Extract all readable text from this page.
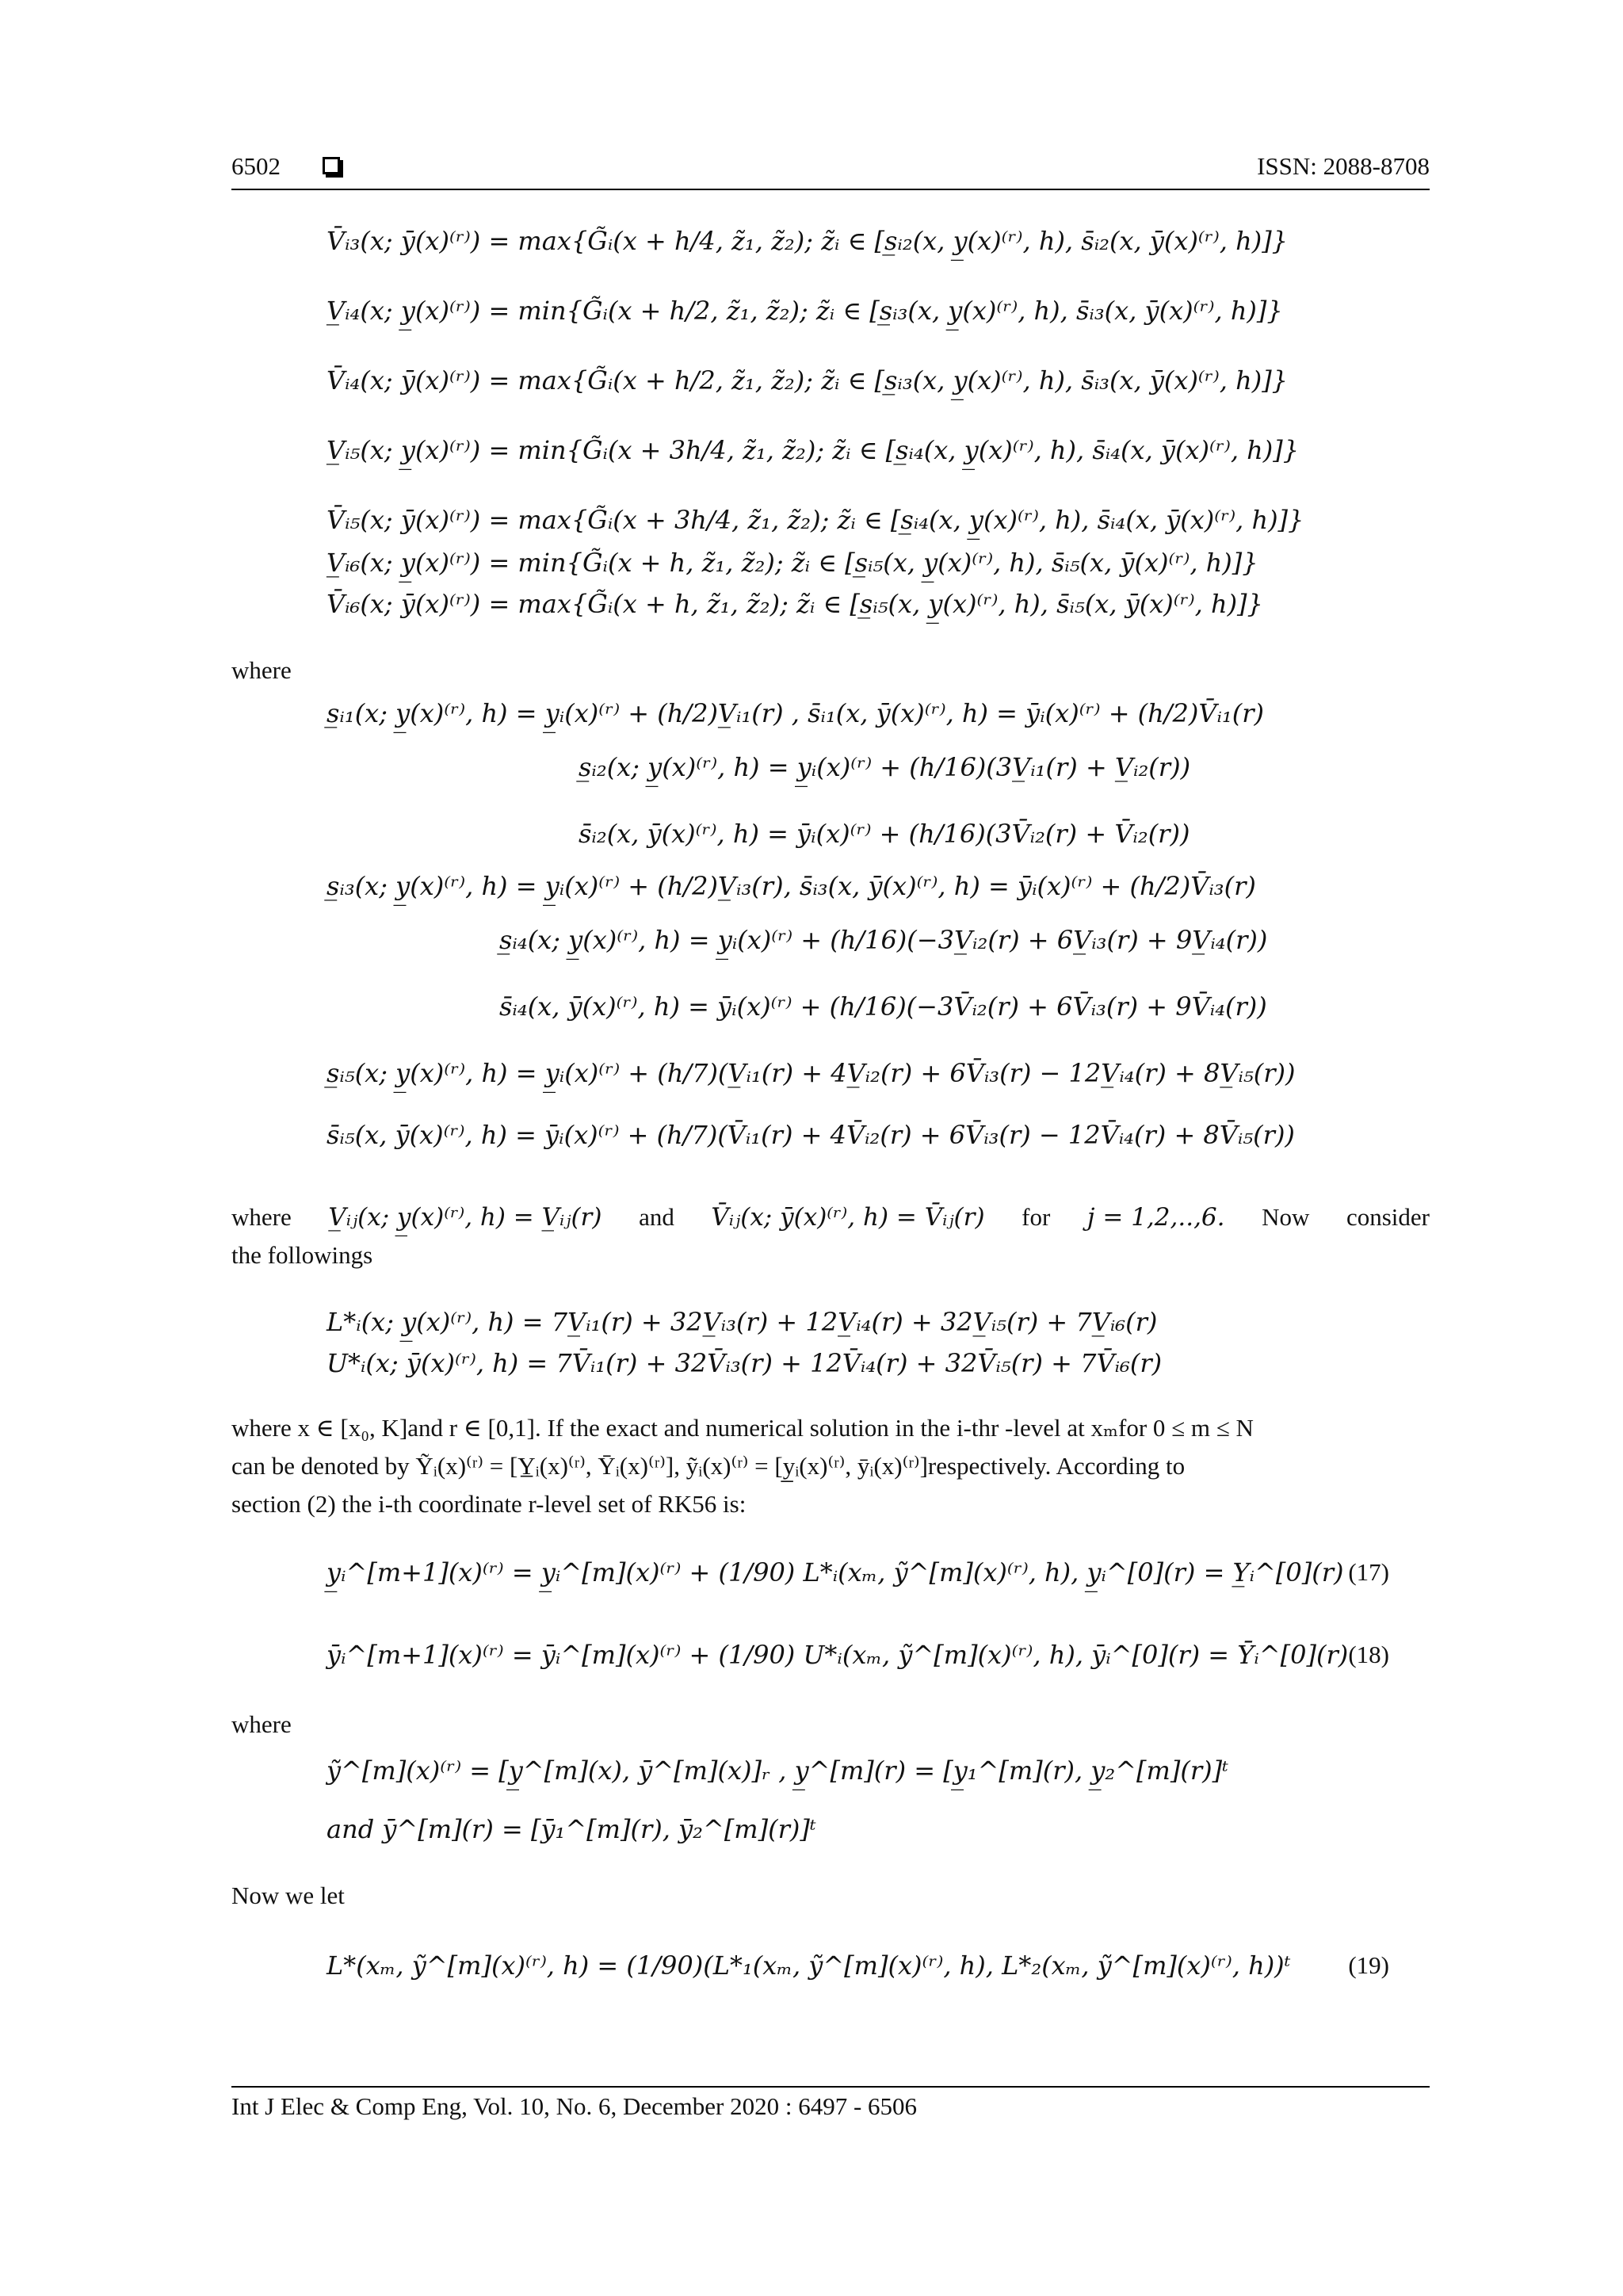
6502	ISSN: 2088-8708
V̄ᵢ₃(x; ȳ(x)⁽ʳ⁾) = max{G̃ᵢ(x + h/4, z̃₁, z̃₂); z̃ᵢ ∈ [s̲ᵢ₂(x, y̲(x)⁽ʳ⁾, h), s̄ᵢ₂(x, ȳ(x)⁽ʳ⁾, h)]}
V̲ᵢ₄(x; y̲(x)⁽ʳ⁾) = min{G̃ᵢ(x + h/2, z̃₁, z̃₂); z̃ᵢ ∈ [s̲ᵢ₃(x, y̲(x)⁽ʳ⁾, h), s̄ᵢ₃(x, ȳ(x)⁽ʳ⁾, h)]}
V̄ᵢ₄(x; ȳ(x)⁽ʳ⁾) = max{G̃ᵢ(x + h/2, z̃₁, z̃₂); z̃ᵢ ∈ [s̲ᵢ₃(x, y̲(x)⁽ʳ⁾, h), s̄ᵢ₃(x, ȳ(x)⁽ʳ⁾, h)]}
V̲ᵢ₅(x; y̲(x)⁽ʳ⁾) = min{G̃ᵢ(x + 3h/4, z̃₁, z̃₂); z̃ᵢ ∈ [s̲ᵢ₄(x, y̲(x)⁽ʳ⁾, h), s̄ᵢ₄(x, ȳ(x)⁽ʳ⁾, h)]}
V̄ᵢ₅(x; ȳ(x)⁽ʳ⁾) = max{G̃ᵢ(x + 3h/4, z̃₁, z̃₂); z̃ᵢ ∈ [s̲ᵢ₄(x, y̲(x)⁽ʳ⁾, h), s̄ᵢ₄(x, ȳ(x)⁽ʳ⁾, h)]}
V̲ᵢ₆(x; y̲(x)⁽ʳ⁾) = min{G̃ᵢ(x + h, z̃₁, z̃₂); z̃ᵢ ∈ [s̲ᵢ₅(x, y̲(x)⁽ʳ⁾, h), s̄ᵢ₅(x, ȳ(x)⁽ʳ⁾, h)]}
V̄ᵢ₆(x; ȳ(x)⁽ʳ⁾) = max{G̃ᵢ(x + h, z̃₁, z̃₂); z̃ᵢ ∈ [s̲ᵢ₅(x, y̲(x)⁽ʳ⁾, h), s̄ᵢ₅(x, ȳ(x)⁽ʳ⁾, h)]}
where
s̲ᵢ₁(x; y̲(x)⁽ʳ⁾, h) = y̲ᵢ(x)⁽ʳ⁾ + (h/2)V̲ᵢ₁(r) , s̄ᵢ₁(x, ȳ(x)⁽ʳ⁾, h) = ȳᵢ(x)⁽ʳ⁾ + (h/2)V̄ᵢ₁(r)
s̲ᵢ₂(x; y̲(x)⁽ʳ⁾, h) = y̲ᵢ(x)⁽ʳ⁾ + (h/16)(3V̲ᵢ₁(r) + V̲ᵢ₂(r))
s̄ᵢ₂(x, ȳ(x)⁽ʳ⁾, h) = ȳᵢ(x)⁽ʳ⁾ + (h/16)(3V̄ᵢ₂(r) + V̄ᵢ₂(r))
s̲ᵢ₃(x; y̲(x)⁽ʳ⁾, h) = y̲ᵢ(x)⁽ʳ⁾ + (h/2)V̲ᵢ₃(r), s̄ᵢ₃(x, ȳ(x)⁽ʳ⁾, h) = ȳᵢ(x)⁽ʳ⁾ + (h/2)V̄ᵢ₃(r)
s̲ᵢ₄(x; y̲(x)⁽ʳ⁾, h) = y̲ᵢ(x)⁽ʳ⁾ + (h/16)(−3V̲ᵢ₂(r) + 6V̲ᵢ₃(r) + 9V̲ᵢ₄(r))
s̄ᵢ₄(x, ȳ(x)⁽ʳ⁾, h) = ȳᵢ(x)⁽ʳ⁾ + (h/16)(−3V̄ᵢ₂(r) + 6V̄ᵢ₃(r) + 9V̄ᵢ₄(r))
s̲ᵢ₅(x; y̲(x)⁽ʳ⁾, h) = y̲ᵢ(x)⁽ʳ⁾ + (h/7)(V̲ᵢ₁(r) + 4V̲ᵢ₂(r) + 6V̄ᵢ₃(r) − 12V̲ᵢ₄(r) + 8V̲ᵢ₅(r))
s̄ᵢ₅(x, ȳ(x)⁽ʳ⁾, h) = ȳᵢ(x)⁽ʳ⁾ + (h/7)(V̄ᵢ₁(r) + 4V̄ᵢ₂(r) + 6V̄ᵢ₃(r) − 12V̄ᵢ₄(r) + 8V̄ᵢ₅(r))
where V̲ᵢⱼ(x; y̲(x)⁽ʳ⁾, h) = V̲ᵢⱼ(r) and V̄ᵢⱼ(x; ȳ(x)⁽ʳ⁾, h) = V̄ᵢⱼ(r) for j = 1,2,..,6. Now consider
the followings
L*ᵢ(x; y̲(x)⁽ʳ⁾, h) = 7V̲ᵢ₁(r) + 32V̲ᵢ₃(r) + 12V̲ᵢ₄(r) + 32V̲ᵢ₅(r) + 7V̲ᵢ₆(r)
U*ᵢ(x; ȳ(x)⁽ʳ⁾, h) = 7V̄ᵢ₁(r) + 32V̄ᵢ₃(r) + 12V̄ᵢ₄(r) + 32V̄ᵢ₅(r) + 7V̄ᵢ₆(r)
where x ∈ [x₀, K]and r ∈ [0,1]. If the exact and numerical solution in the i-thr -level at xₘfor 0 ≤ m ≤ N
can be denoted by Ỹᵢ(x)⁽ʳ⁾ = [Y̲ᵢ(x)⁽ʳ⁾, Ȳᵢ(x)⁽ʳ⁾], ỹᵢ(x)⁽ʳ⁾ = [y̲ᵢ(x)⁽ʳ⁾, ȳᵢ(x)⁽ʳ⁾]respectively. According to
section (2) the i-th coordinate r-level set of RK56 is:
y̲ᵢ^[m+1](x)⁽ʳ⁾ = y̲ᵢ^[m](x)⁽ʳ⁾ + (1/90) L*ᵢ(xₘ, ỹ^[m](x)⁽ʳ⁾, h), y̲ᵢ^[0](r) = Y̲ᵢ^[0](r) (17)
ȳᵢ^[m+1](x)⁽ʳ⁾ = ȳᵢ^[m](x)⁽ʳ⁾ + (1/90) U*ᵢ(xₘ, ỹ^[m](x)⁽ʳ⁾, h), ȳᵢ^[0](r) = Ȳᵢ^[0](r) (18)
where
ỹ^[m](x)⁽ʳ⁾ = [y̲^[m](x), ȳ^[m](x)]ᵣ , y̲^[m](r) = [y̲₁^[m](r), y̲₂^[m](r)]ᵗ
and ȳ^[m](r) = [ȳ₁^[m](r), ȳ₂^[m](r)]ᵗ
Now we let
L*(xₘ, ỹ^[m](x)⁽ʳ⁾, h) = (1/90)(L*₁(xₘ, ỹ^[m](x)⁽ʳ⁾, h), L*₂(xₘ, ỹ^[m](x)⁽ʳ⁾, h))ᵗ (19)
Int J Elec & Comp Eng, Vol. 10, No. 6, December 2020 : 6497 - 6506
